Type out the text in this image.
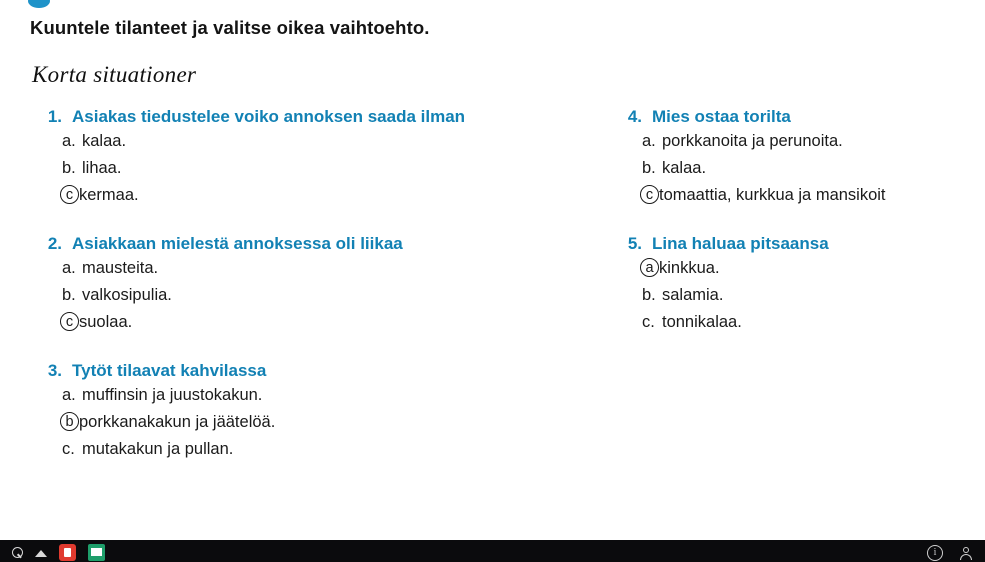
Kuuntele tilanteet ja valitse oikea vaihtoehto.
Korta situationer
1. Asiakas tiedustelee voiko annoksen saada ilman
a. kalaa.
b. lihaa.
c kermaa.
2. Asiakkaan mielestä annoksessa oli liikaa
a. mausteita.
b. valkosipulia.
c suolaa.
3. Tytöt tilaavat kahvilassa
a. muffinsin ja juustokakun.
b porkkanakakun ja jäätelöä.
c. mutakakun ja pullan.
4. Mies ostaa torilta
a. porkkanoita ja perunoita.
b. kalaa.
c tomaattia, kurkkua ja mansikoit
5. Lina haluaa pitsaansa
a kinkkua.
b. salamia.
c. tonnikalaa.
i
